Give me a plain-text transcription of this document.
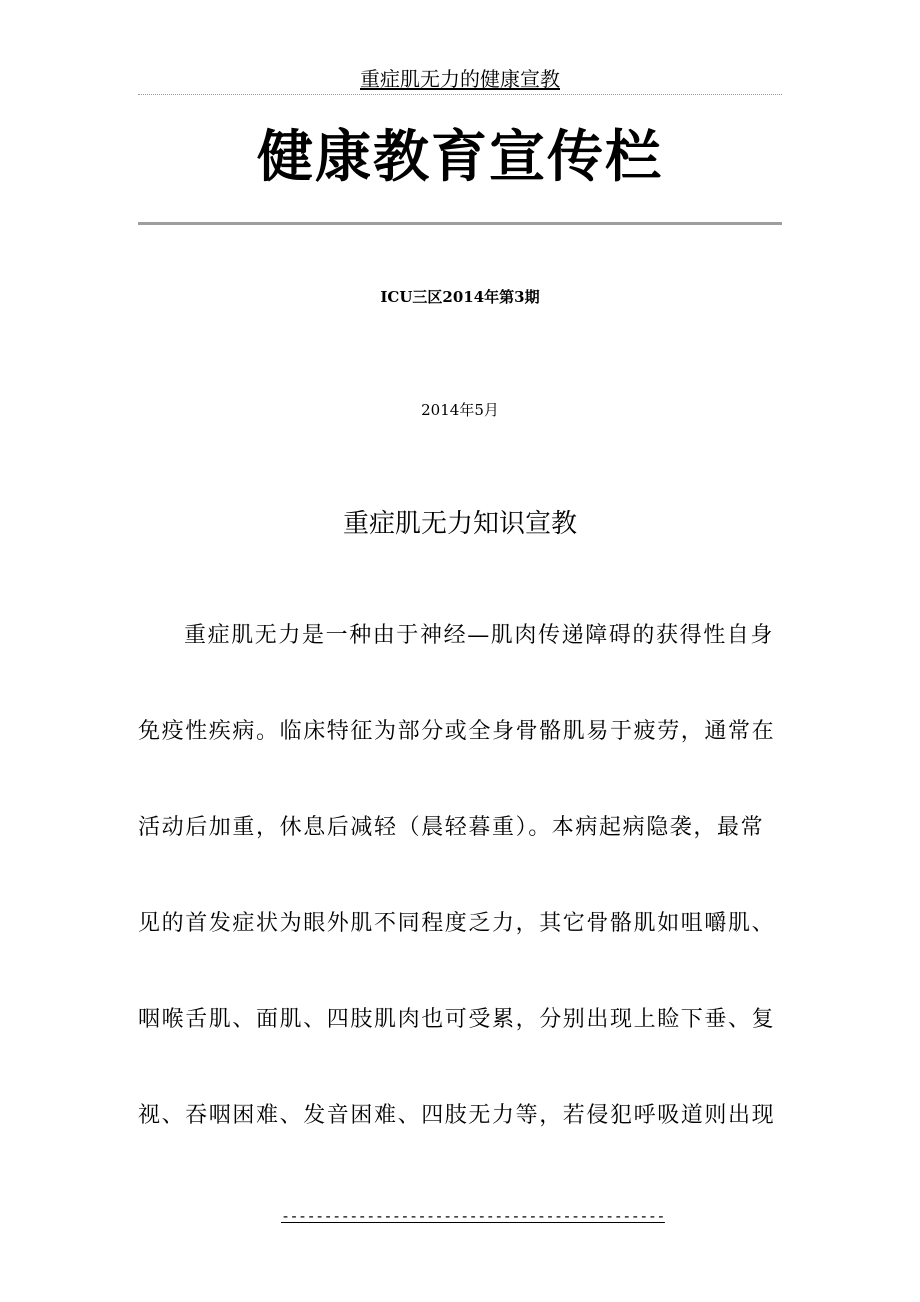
重症肌无力的健康宣教
健康教育宣传栏
ICU三区2014年第3期
2014年5月
重症肌无力知识宣教
重症肌无力是一种由于神经—肌肉传递障碍的获得性自身
免疫性疾病。临床特征为部分或全身骨骼肌易于疲劳，通常在
活动后加重，休息后减轻（晨轻暮重）。本病起病隐袭，最常
见的首发症状为眼外肌不同程度乏力，其它骨骼肌如咀嚼肌、
咽喉舌肌、面肌、四肢肌肉也可受累，分别出现上睑下垂、复
视、吞咽困难、发音困难、四肢无力等，若侵犯呼吸道则出现
---------------------------------------------
